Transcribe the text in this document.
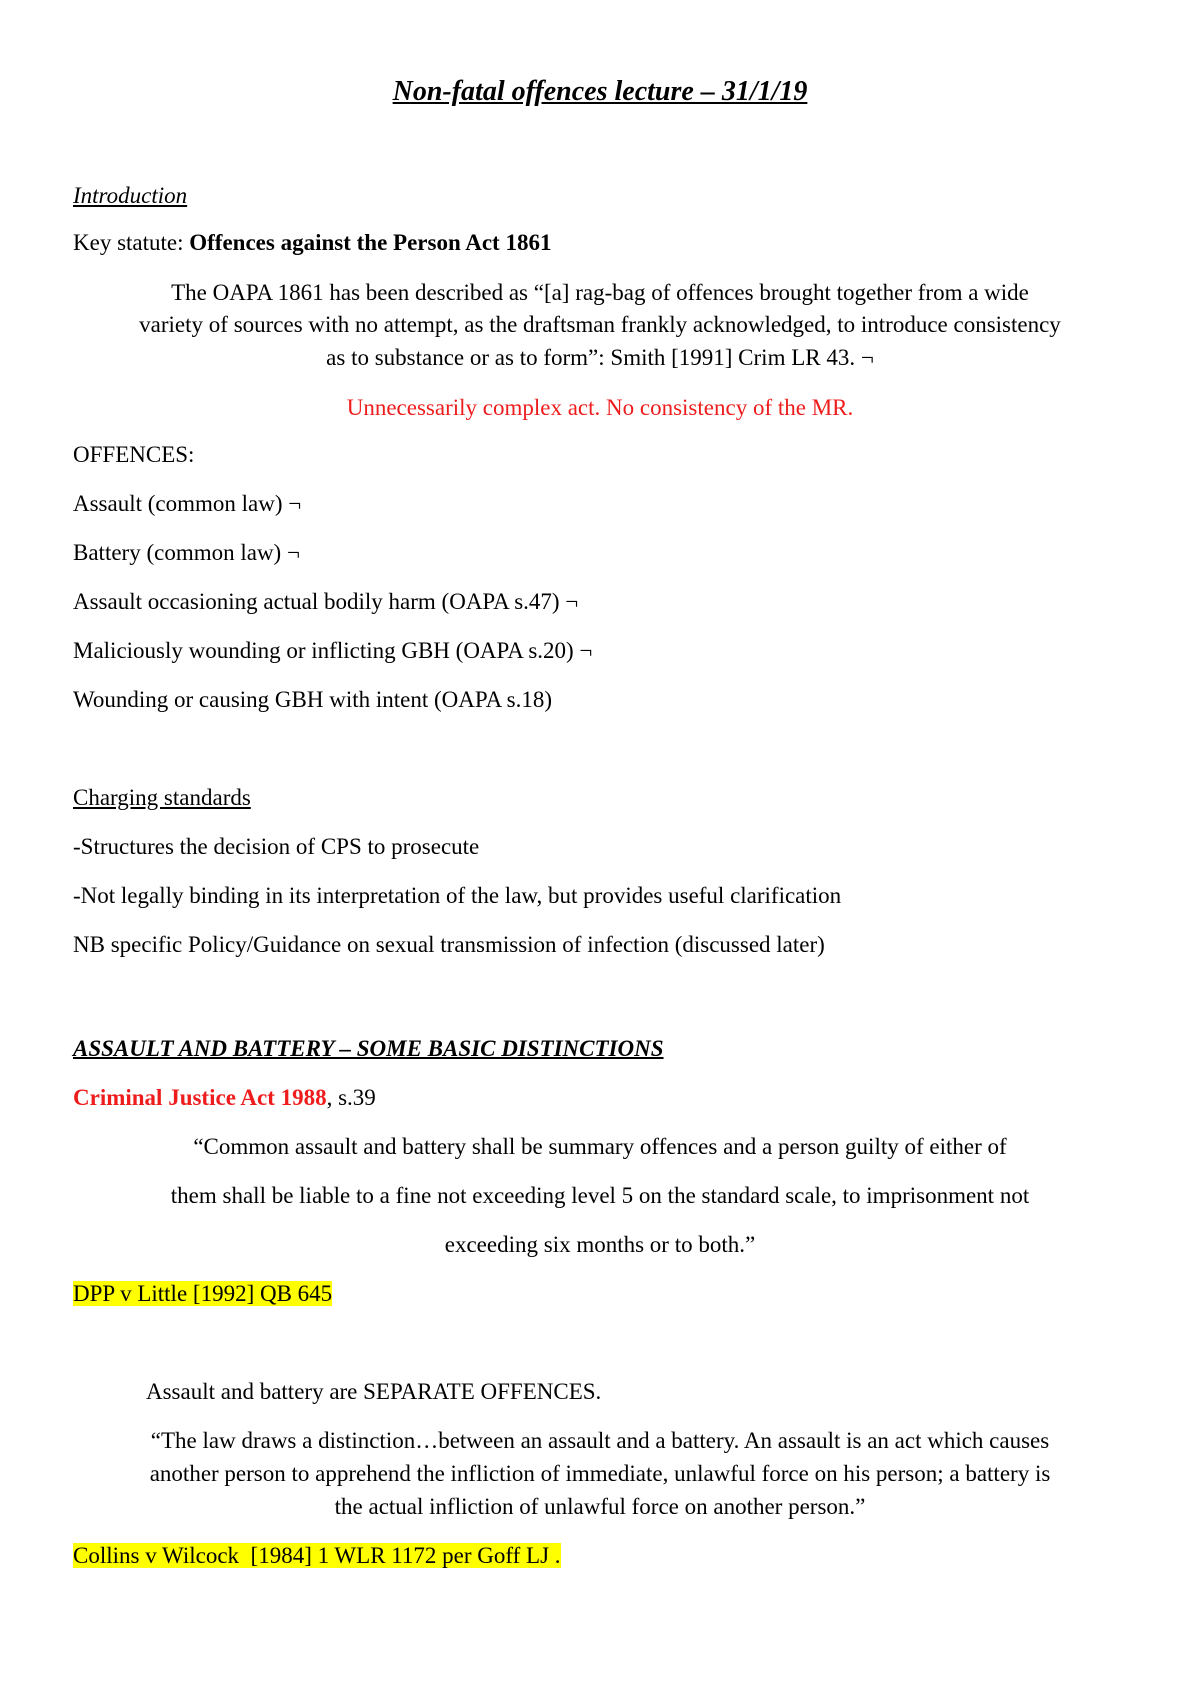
Non-fatal offences lecture – 31/1/19
Introduction
Key statute: Offences against the Person Act 1861
The OAPA 1861 has been described as “[a] rag-bag of offences brought together from a wide
variety of sources with no attempt, as the draftsman frankly acknowledged, to introduce consistency
as to substance or as to form”: Smith [1991] Crim LR 43. ¬
Unnecessarily complex act. No consistency of the MR.
OFFENCES:
Assault (common law) ¬
Battery (common law) ¬
Assault occasioning actual bodily harm (OAPA s.47) ¬
Maliciously wounding or inflicting GBH (OAPA s.20) ¬
Wounding or causing GBH with intent (OAPA s.18)
Charging standards
-Structures the decision of CPS to prosecute
-Not legally binding in its interpretation of the law, but provides useful clarification
NB specific Policy/Guidance on sexual transmission of infection (discussed later)
ASSAULT AND BATTERY – SOME BASIC DISTINCTIONS
Criminal Justice Act 1988, s.39
“Common assault and battery shall be summary offences and a person guilty of either of
them shall be liable to a fine not exceeding level 5 on the standard scale, to imprisonment not
exceeding six months or to both.”
DPP v Little [1992] QB 645
Assault and battery are SEPARATE OFFENCES.
“The law draws a distinction…between an assault and a battery. An assault is an act which causes
another person to apprehend the infliction of immediate, unlawful force on his person; a battery is
the actual infliction of unlawful force on another person.”
Collins v Wilcock  [1984] 1 WLR 1172 per Goff LJ .
